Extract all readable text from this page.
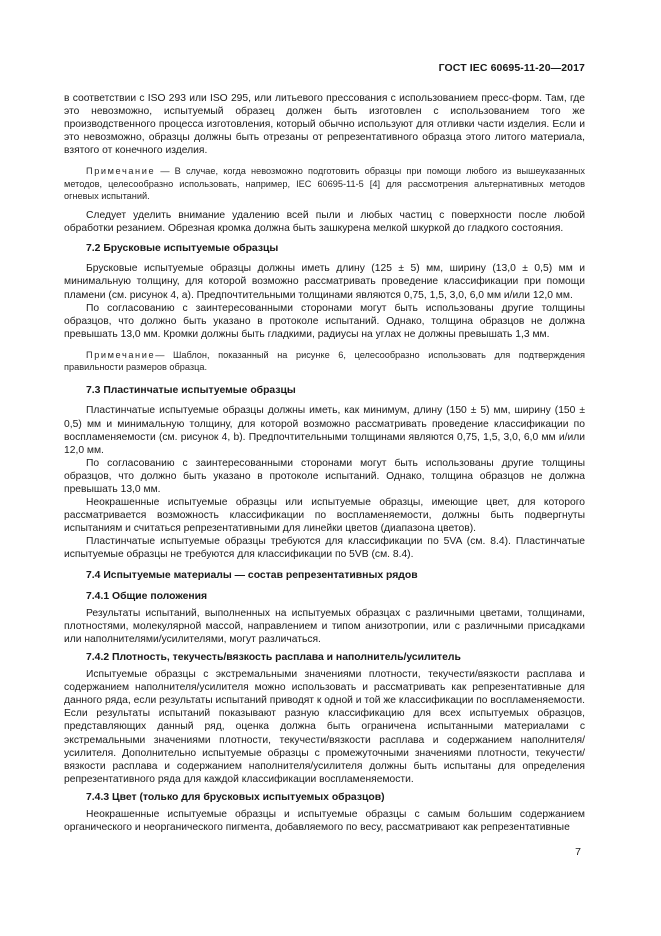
ГОСТ IEC 60695-11-20—2017

в соответствии с ISO 293 или ISO 295, или литьевого прессования с использованием пресс-форм. Там, где это невозможно, испытуемый образец должен быть изготовлен с использованием того же производственного процесса изготовления, который обычно используют для отливки части изделия. Если и это невозможно, образцы должны быть отрезаны от репрезентативного образца этого литого материала, взятого от конечного изделия.

Примечание — В случае, когда невозможно подготовить образцы при помощи любого из вышеуказанных методов, целесообразно использовать, например, IEC 60695-11-5 [4] для рассмотрения альтернативных методов огневых испытаний.

Следует уделить внимание удалению всей пыли и любых частиц с поверхности после любой обработки резанием. Обрезная кромка должна быть зашкурена мелкой шкуркой до гладкого состояния.

7.2 Брусковые испытуемые образцы

Брусковые испытуемые образцы должны иметь длину (125 ± 5) мм, ширину (13,0 ± 0,5) мм и минимальную толщину, для которой возможно рассматривать проведение классификации при помощи пламени (см. рисунок 4, а). Предпочтительными толщинами являются 0,75, 1,5, 3,0, 6,0 мм и/или 12,0 мм.

По согласованию с заинтересованными сторонами могут быть использованы другие толщины образцов, что должно быть указано в протоколе испытаний. Однако, толщина образцов не должна превышать 13,0 мм. Кромки должны быть гладкими, радиусы на углах не должны превышать 1,3 мм.

Примечание— Шаблон, показанный на рисунке 6, целесообразно использовать для подтверждения правильности размеров образца.

7.3 Пластинчатые испытуемые образцы

Пластинчатые испытуемые образцы должны иметь, как минимум, длину (150 ± 5) мм, ширину (150 ± 0,5) мм и минимальную толщину, для которой возможно рассматривать проведение классификации по воспламеняемости (см. рисунок 4, b). Предпочтительными толщинами являются 0,75, 1,5, 3,0, 6,0 мм и/или 12,0 мм.

По согласованию с заинтересованными сторонами могут быть использованы другие толщины образцов, что должно быть указано в протоколе испытаний. Однако, толщина образцов не должна превышать 13,0 мм.

Неокрашенные испытуемые образцы или испытуемые образцы, имеющие цвет, для которого рассматривается возможность классификации по воспламеняемости, должны быть подвергнуты испытаниям и считаться репрезентативными для линейки цветов (диапазона цветов).

Пластинчатые испытуемые образцы требуются для классификации по 5VA (см. 8.4). Пластинчатые испытуемые образцы не требуются для классификации по 5VB (см. 8.4).

7.4 Испытуемые материалы — состав репрезентативных рядов

7.4.1 Общие положения

Результаты испытаний, выполненных на испытуемых образцах с различными цветами, толщинами, плотностями, молекулярной массой, направлением и типом анизотропии, или с различными присадками или наполнителями/усилителями, могут различаться.

7.4.2 Плотность, текучесть/вязкость расплава и наполнитель/усилитель

Испытуемые образцы с экстремальными значениями плотности, текучести/вязкости расплава и содержанием наполнителя/усилителя можно использовать и рассматривать как репрезентативные для данного ряда, если результаты испытаний приводят к одной и той же классификации по воспламеняемости. Если результаты испытаний показывают разную классификацию для всех испытуемых образцов, представляющих данный ряд, оценка должна быть ограничена испытанными материалами с экстремальными значениями плотности, текучести/вязкости расплава и содержанием наполнителя/усилителя. Дополнительно испытуемые образцы с промежуточными значениями плотности, текучести/вязкости расплава и содержанием наполнителя/усилителя должны быть испытаны для определения репрезентативного ряда для каждой классификации воспламеняемости.

7.4.3 Цвет (только для брусковых испытуемых образцов)

Неокрашенные испытуемые образцы и испытуемые образцы с самым большим содержанием органического и неорганического пигмента, добавляемого по весу, рассматривают как репрезентативные

7
